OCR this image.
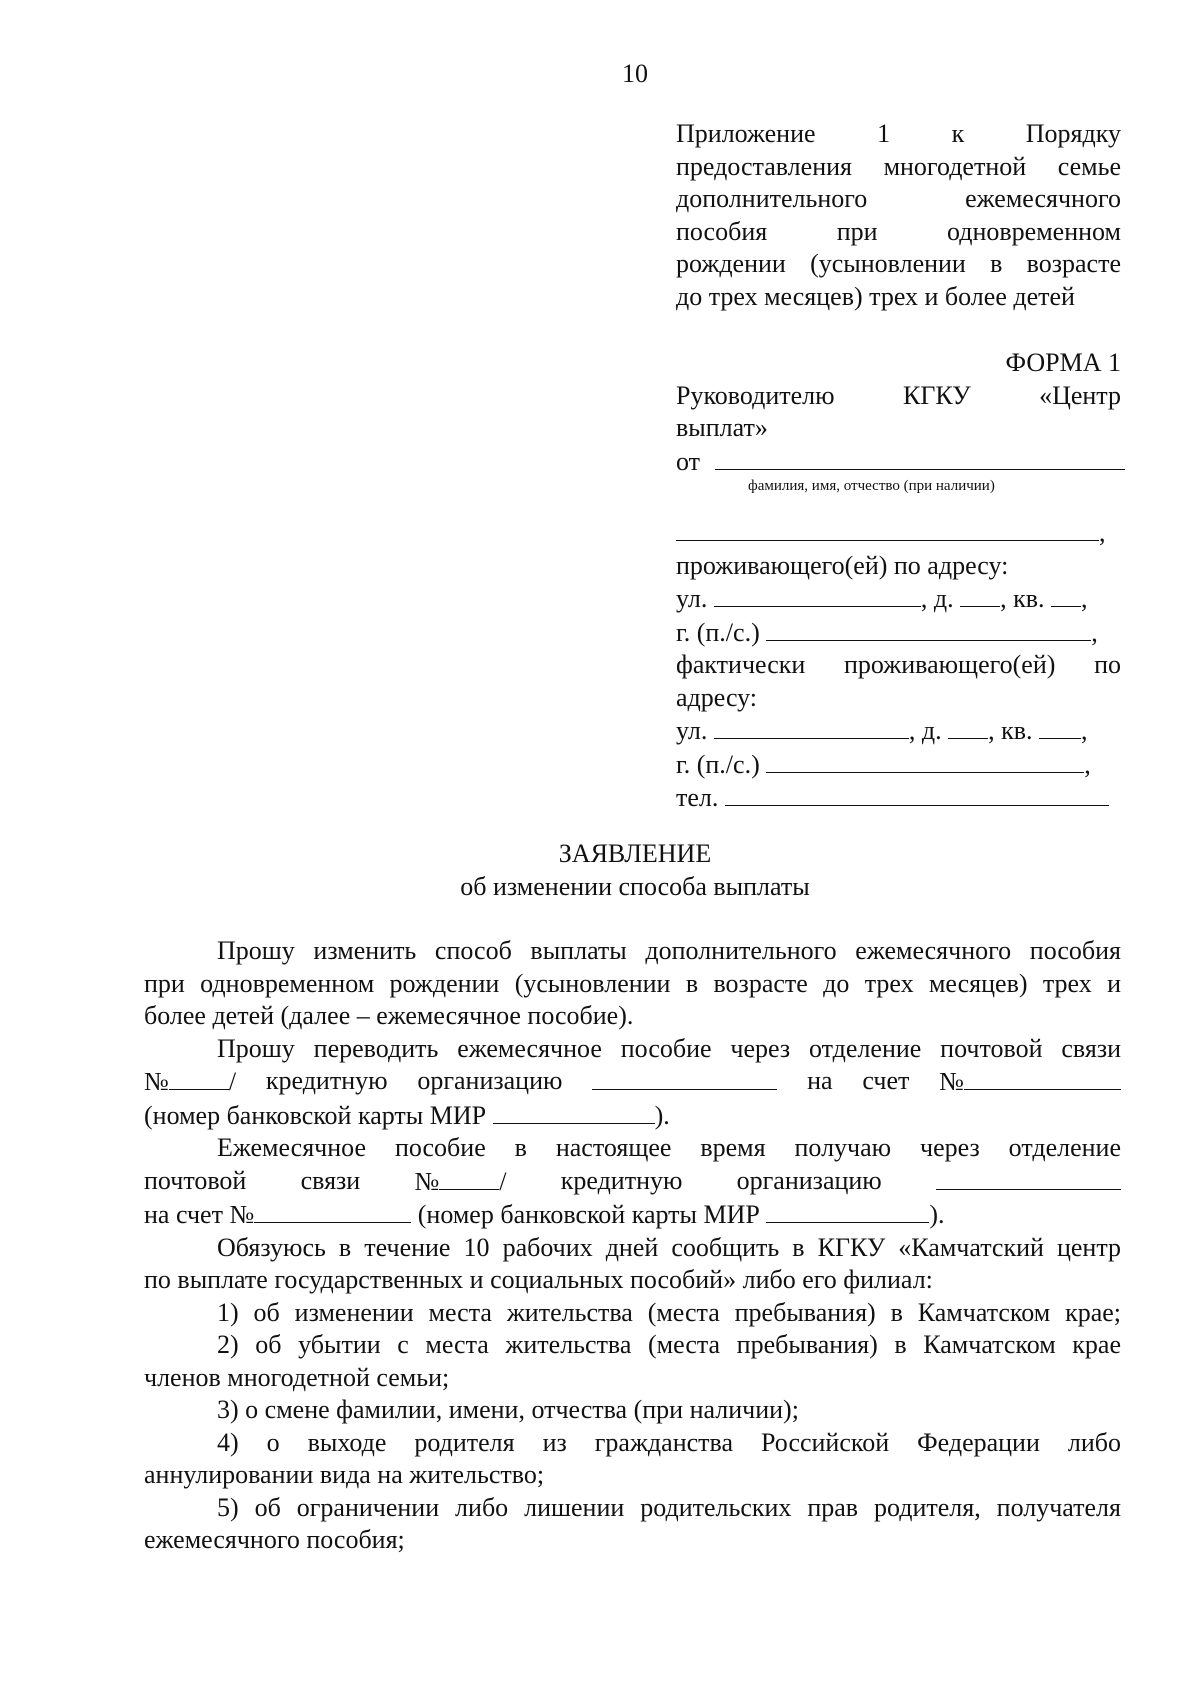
10
Приложение 1 к Порядку
предоставления многодетной семье
дополнительного	ежемесячного
пособия	при	одновременном
рождении (усыновлении в возрасте
до трех месяцев) трех и более детей
ФОРМА 1
Руководителю	КГКУ	«Центр
выплат»
от
фамилия, имя, отчество (при наличии)
,
проживающего(ей) по адресу:
ул.	, д. , кв. ,
г. (п./с.)	,
фактически проживающего(ей) по
адресу:
ул.	, д. , кв. ,
г. (п./с.)	,
тел.
ЗАЯВЛЕНИЕ
об изменении способа выплаты
Прошу изменить способ выплаты дополнительного ежемесячного пособия
при одновременном рождении (усыновлении в возрасте до трех месяцев) трех и
более детей (далее – ежемесячное пособие).
Прошу переводить ежемесячное пособие через отделение почтовой связи
№ / кредитную организацию	на счет №
(номер банковской карты МИР	).
Ежемесячное пособие в настоящее время получаю через отделение
почтовой связи № / кредитную организацию
на счет №	(номер банковской карты МИР	).
Обязуюсь в течение 10 рабочих дней сообщить в КГКУ «Камчатский центр
по выплате государственных и социальных пособий» либо его филиал:
1) об изменении места жительства (места пребывания) в Камчатском крае;
2) об убытии с места жительства (места пребывания) в Камчатском крае
членов многодетной семьи;
3) о смене фамилии, имени, отчества (при наличии);
4) о выходе родителя из гражданства Российской Федерации либо
аннулировании вида на жительство;
5) об ограничении либо лишении родительских прав родителя, получателя
ежемесячного пособия;
